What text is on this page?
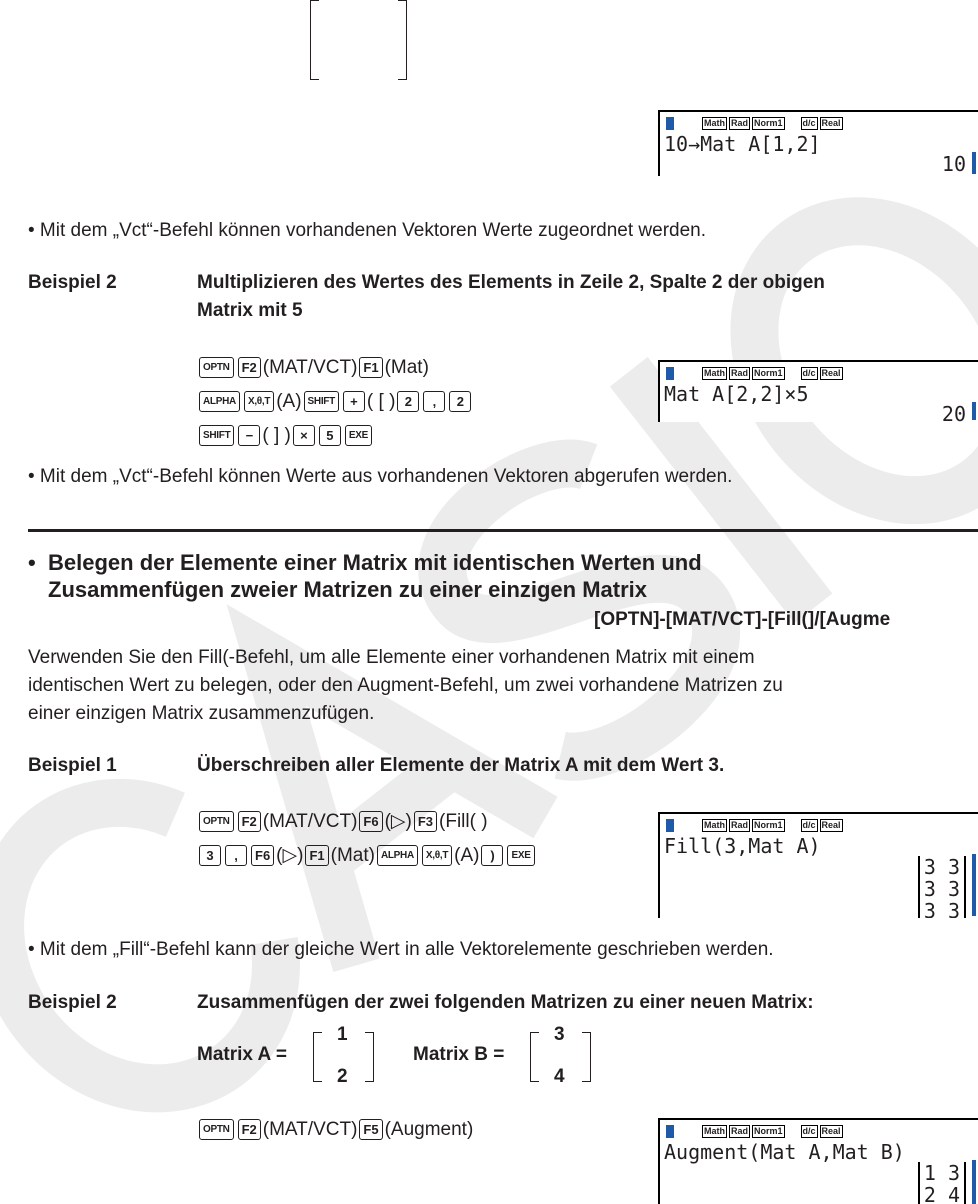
Math Rad Norm1 d/c Real
10→Mat A[1,2]
10
• Mit dem „Vct“-Befehl können vorhandenen Vektoren Werte zugeordnet werden.
Beispiel 2	Multiplizieren des Wertes des Elements in Zeile 2, Spalte 2 der obigen
Matrix mit 5
OPTN F2 (MAT/VCT) F1 (Mat)
ALPHA X,θ,T (A) SHIFT + ( [ ) 2 , 2
SHIFT − ( ] ) × 5 EXE
Math Rad Norm1 d/c Real
Mat A[2,2]×5
20
• Mit dem „Vct“-Befehl können Werte aus vorhandenen Vektoren abgerufen werden.
• Belegen der Elemente einer Matrix mit identischen Werten und
Zusammenfügen zweier Matrizen zu einer einzigen Matrix
[OPTN]-[MAT/VCT]-[Fill(]/[Augme
Verwenden Sie den Fill(-Befehl, um alle Elemente einer vorhandenen Matrix mit einem
identischen Wert zu belegen, oder den Augment-Befehl, um zwei vorhandene Matrizen zu
einer einzigen Matrix zusammenzufügen.
Beispiel 1	Überschreiben aller Elemente der Matrix A mit dem Wert 3.
OPTN F2 (MAT/VCT) F6 (▷) F3 (Fill( )
3 , F6 (▷) F1 (Mat) ALPHA X,θ,T (A) ) EXE
Math Rad Norm1 d/c Real
Fill(3,Mat A)
3 3
3 3
3 3
• Mit dem „Fill“-Befehl kann der gleiche Wert in alle Vektorelemente geschrieben werden.
Beispiel 2	Zusammenfügen der zwei folgenden Matrizen zu einer neuen Matrix:
Matrix A =
1
2
Matrix B =
3
4
OPTN F2 (MAT/VCT) F5 (Augment)	Math Rad Norm1 d/c Real
Augment(Mat A,Mat B)
1 3
2 4
